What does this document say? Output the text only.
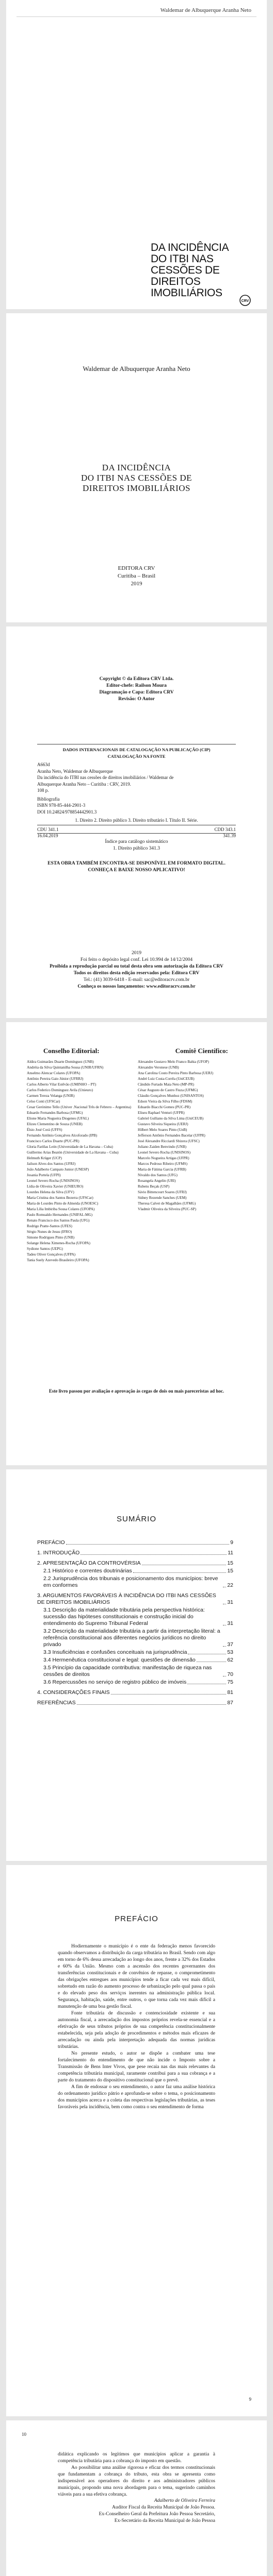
Waldemar de Albuquerque Aranha Neto
DA INCIDÊNCIA
DO ITBI NAS
CESSÕES DE
DIREITOS
IMOBILIÁRIOS
CRV
Waldemar de Albuquerque Aranha Neto
DA INCIDÊNCIA
DO ITBI NAS CESSÕES DE
DIREITOS IMOBILIÁRIOS
EDITORA CRV
Curitiba – Brasil
2019
Copyright © da Editora CRV Ltda.
Editor-chefe: Railson Moura
Diagramação e Capa: Editora CRV
Revisão: O Autor
DADOS INTERNACIONAIS DE CATALOGAÇÃO NA PUBLICAÇÃO (CIP)
CATALOGAÇÃO NA FONTE
A663d
Aranha Neto, Waldemar de Albuquerque
Da incidência do ITBI nas cessões de direitos imobiliários / Waldemar de
Albuquerque Aranha Neto – Curitiba : CRV, 2019.
108 p.
Bibliografia
ISBN 978-85-444-2901-3
DOI 10.24824/978854442901.3
1. Direito 2. Direito público 3. Direito tributário I. Título II. Série.
CDU 341.1	CDD 343.1
16.04.2019	341.39
Índice para catálogo sistemático
1. Direito público 341.3
ESTA OBRA TAMBÉM ENCONTRA-SE DISPONÍVEL EM FORMATO DIGITAL.
CONHEÇA E BAIXE NOSSO APLICATIVO!
2019
Foi feito o depósito legal conf. Lei 10.994 de 14/12/2004
Proibida a reprodução parcial ou total desta obra sem autorização da Editora CRV
Todos os direitos desta edição reservados pela: Editora CRV
Tel.: (41) 3039-6418 - E-mail: sac@editoracrv.com.br
Conheça os nossos lançamentos: www.editoracrv.com.br
Conselho Editorial:	Comitê Científico:
Aldira Guimarães Duarte Domínguez (UNB)
Andréia da Silva Quintanilha Sousa (UNIR/UFRN)
Anselmo Alencar Colares (UFOPA)
Antônio Pereira Gaio Júnior (UFRRJ)
Carlos Alberto Vilar Estêvão (UMINHO – PT)
Carlos Federico Dominguez Avila (Unieuro)
Carmen Tereza Velanga (UNIR)
Celso Conti (UFSCar)
Cesar Gerónimo Tello (Univer .Nacional Três de Febrero – Argentina)
Eduardo Fernandes Barbosa (UFMG)
Elione Maria Nogueira Diogenes (UFAL)
Elizeu Clementino de Souza (UNEB)
Élsio José Corá (UFFS)
Fernando Antônio Gonçalves Alcoforado (IPB)
Francisco Carlos Duarte (PUC-PR)
Gloria Fariñas León (Universidade de La Havana – Cuba)
Guillermo Arias Beatón (Universidade de La Havana – Cuba)
Helmuth Krüger (UCP)
Jailson Alves dos Santos (UFRJ)
João Adalberto Campato Junior (UNESP)
Josania Portela (UFPI)
Leonel Severo Rocha (UNISINOS)
Lídia de Oliveira Xavier (UNIEURO)
Lourdes Helena da Silva (UFV)
Maria Cristina dos Santos Bezerra (UFSCar)
Maria de Lourdes Pinto de Almeida (UNOESC)
Maria Lília Imbiriba Sousa Colares (UFOPA)
Paulo Romualdo Hernandes (UNIFAL-MG)
Renato Francisco dos Santos Paula (UFG)
Rodrigo Pratte-Santos (UFES)
Sérgio Nunes de Jesus (IFRO)
Simone Rodrigues Pinto (UNB)
Solange Helena Ximenes-Rocha (UFOPA)
Sydione Santos (UEPG)
Tadeu Oliver Gonçalves (UFPA)
Tania Suely Azevedo Brasileiro (UFOPA)
Alexandre Gustavo Melo Franco Bahia (UFOP)
Alexandre Veronese (UNB)
Ana Carolina Couto Pereira Pinto Barbosa (UERJ)
André Luiz Costa-Corrêa (UniCEUB)
Cândido Furtado Maia Neto (MP-PR)
César Augusto de Castro Fiuza (UFMG)
Cláudio Gonçalves Munhoz (UNISANTOS)
Edson Vieira da Silva Filho (FDSM)
Eduardo Biacchi Gomes (PUC-PR)
Eliseu Raphael Venturi (UFPR)
Gabriel Gulliano da Silva Lima (UniCEUB)
Gustavo Silveira Siqueira (UERJ)
Hilbert Melo Soares Pinto (UnB)
Jefferson Antônio Fernandes Bacelar (UFPR)
José Alexandre Ricciardi Sbizera (UFSC)
Juliano Zaiden Benvindo (UNB)
Leonel Severo Rocha (UNISINOS)
Marcelo Nogueira Artigas (UFPR)
Marcos Pedroso Ribeiro (UFMS)
Maria de Fátima Garcia (UFRB)
Nivaldo dos Santos (UFG)
Rosangela Angelin (URI)
Rubens Beçak (USP)
Sávio Bittencourt Soares (UFRJ)
Sidney Rezende Sanches (UEM)
Theresa Calvet de Magalhães (UFMG)
Vladmir Oliveira da Silveira (PUC-SP)
Este livro passou por avaliação e aprovação às cegas de dois ou mais pareceristas ad hoc.
SUMÁRIO
PREFÁCIO	9
1. INTRODUÇÃO	11
2. APRESENTAÇÃO DA CONTROVÉRSIA	15
2.1 Histórico e correntes doutrinárias	15
2.2 Jurisprudência dos tribunais e posicionamento dos municípios: breve em conformes	22
3. ARGUMENTOS FAVORÁVEIS À INCIDÊNCIA DO ITBI NAS CESSÕES DE DIREITOS IMOBILIÁRIOS	31
3.1 Descrição da materialidade tributária pela perspectiva histórica: sucessão das hipóteses constitucionais e construção inicial do entendimento do Supremo Tribunal Federal	31
3.2 Descrição da materialidade tributária a partir da interpretação literal: a referência constitucional aos diferentes negócios jurídicos no direito privado	37
3.3 Insuficiências e confusões conceituais na jurisprudência	53
3.4 Hermenêutica constitucional e legal: questões de dimensão	62
3.5 Princípio da capacidade contributiva: manifestação de riqueza nas cessões de direitos	70
3.6 Repercussões no serviço de registro público de imóveis	75
4. CONSIDERAÇÕES FINAIS	81
REFERÊNCIAS	87
PREFÁCIO

Hodiernamente o município é o ente da federação menos favorecido quando observamos a distribuição da carga tributária no Brasil. Sendo com algo em torno de 6% dessa arrecadação ao longo dos anos, frente a 32% dos Estados e 60% da União. Mesmo com a ascensão dos recentes governantes dos transferências constitucionais e de convênios de repasse, o comprometimento das obrigações entregues aos municípios tende a ficar cada vez mais difícil, sobretudo em razão do aumento processo de urbanização pelo qual passa o país e do elevado peso dos serviços inerentes na administração pública local. Segurança, habitação, saúde, entre outros, o que torna cada vez mais difícil a manutenção de uma boa gestão fiscal.

Fonte tributária de discussão e contenciosidade existente e sua autonomia fiscal, a arrecadação dos impostos próprios revela-se essencial e a efetivação de seus tributos próprios de sua competência constitucionalmente estabelecida, seja pela adoção de procedimentos e métodos mais eficazes de arrecadação ou ainda pela interpretação adequada das normas jurídicas tributárias.

No presente estudo, o autor se dispõe a combater uma tese fortalecimento do entendimento de que não incide o Imposto sobre a Transmissão de Bens Inter Vivos, que pese recaia nas das mais relevantes da competência tributária municipal, raramente contribui para a sua cobrança e a parte do tratamento do dispositivo constitucional que o prevê.

A fim de endossar o seu entendimento, o autor faz uma análise histórica do ordenamento jurídico pátrio e aprofunda-se sobre o tema, o posicionamento dos municípios acerca e a coleta das respectivas legislações tributárias, as teses favoráveis pela incidência, bem como contra o seu entendimento de forma

9
10

didática explicando os legítimos que municípios aplicar a garantia à competência tributária para a cobrança do imposto em questão.

Ao possibilitar uma análise rigorosa e eficaz dos termos constitucionais que fundamentam a cobrança do tributo, esta obra se apresenta como indispensável aos operadores do direito e aos administradores públicos municipais, propondo uma nova abordagem para o tema, sugerindo caminhos viáveis para a sua efetiva cobrança.

Adalberto de Oliveira Ferreira
Auditor Fiscal da Receita Municipal de João Pessoa.
Ex-Conselheiro Geral da Prefeitura João Pessoa Secretário,
Ex-Secretário da Receita Municipal de João Pessoa
